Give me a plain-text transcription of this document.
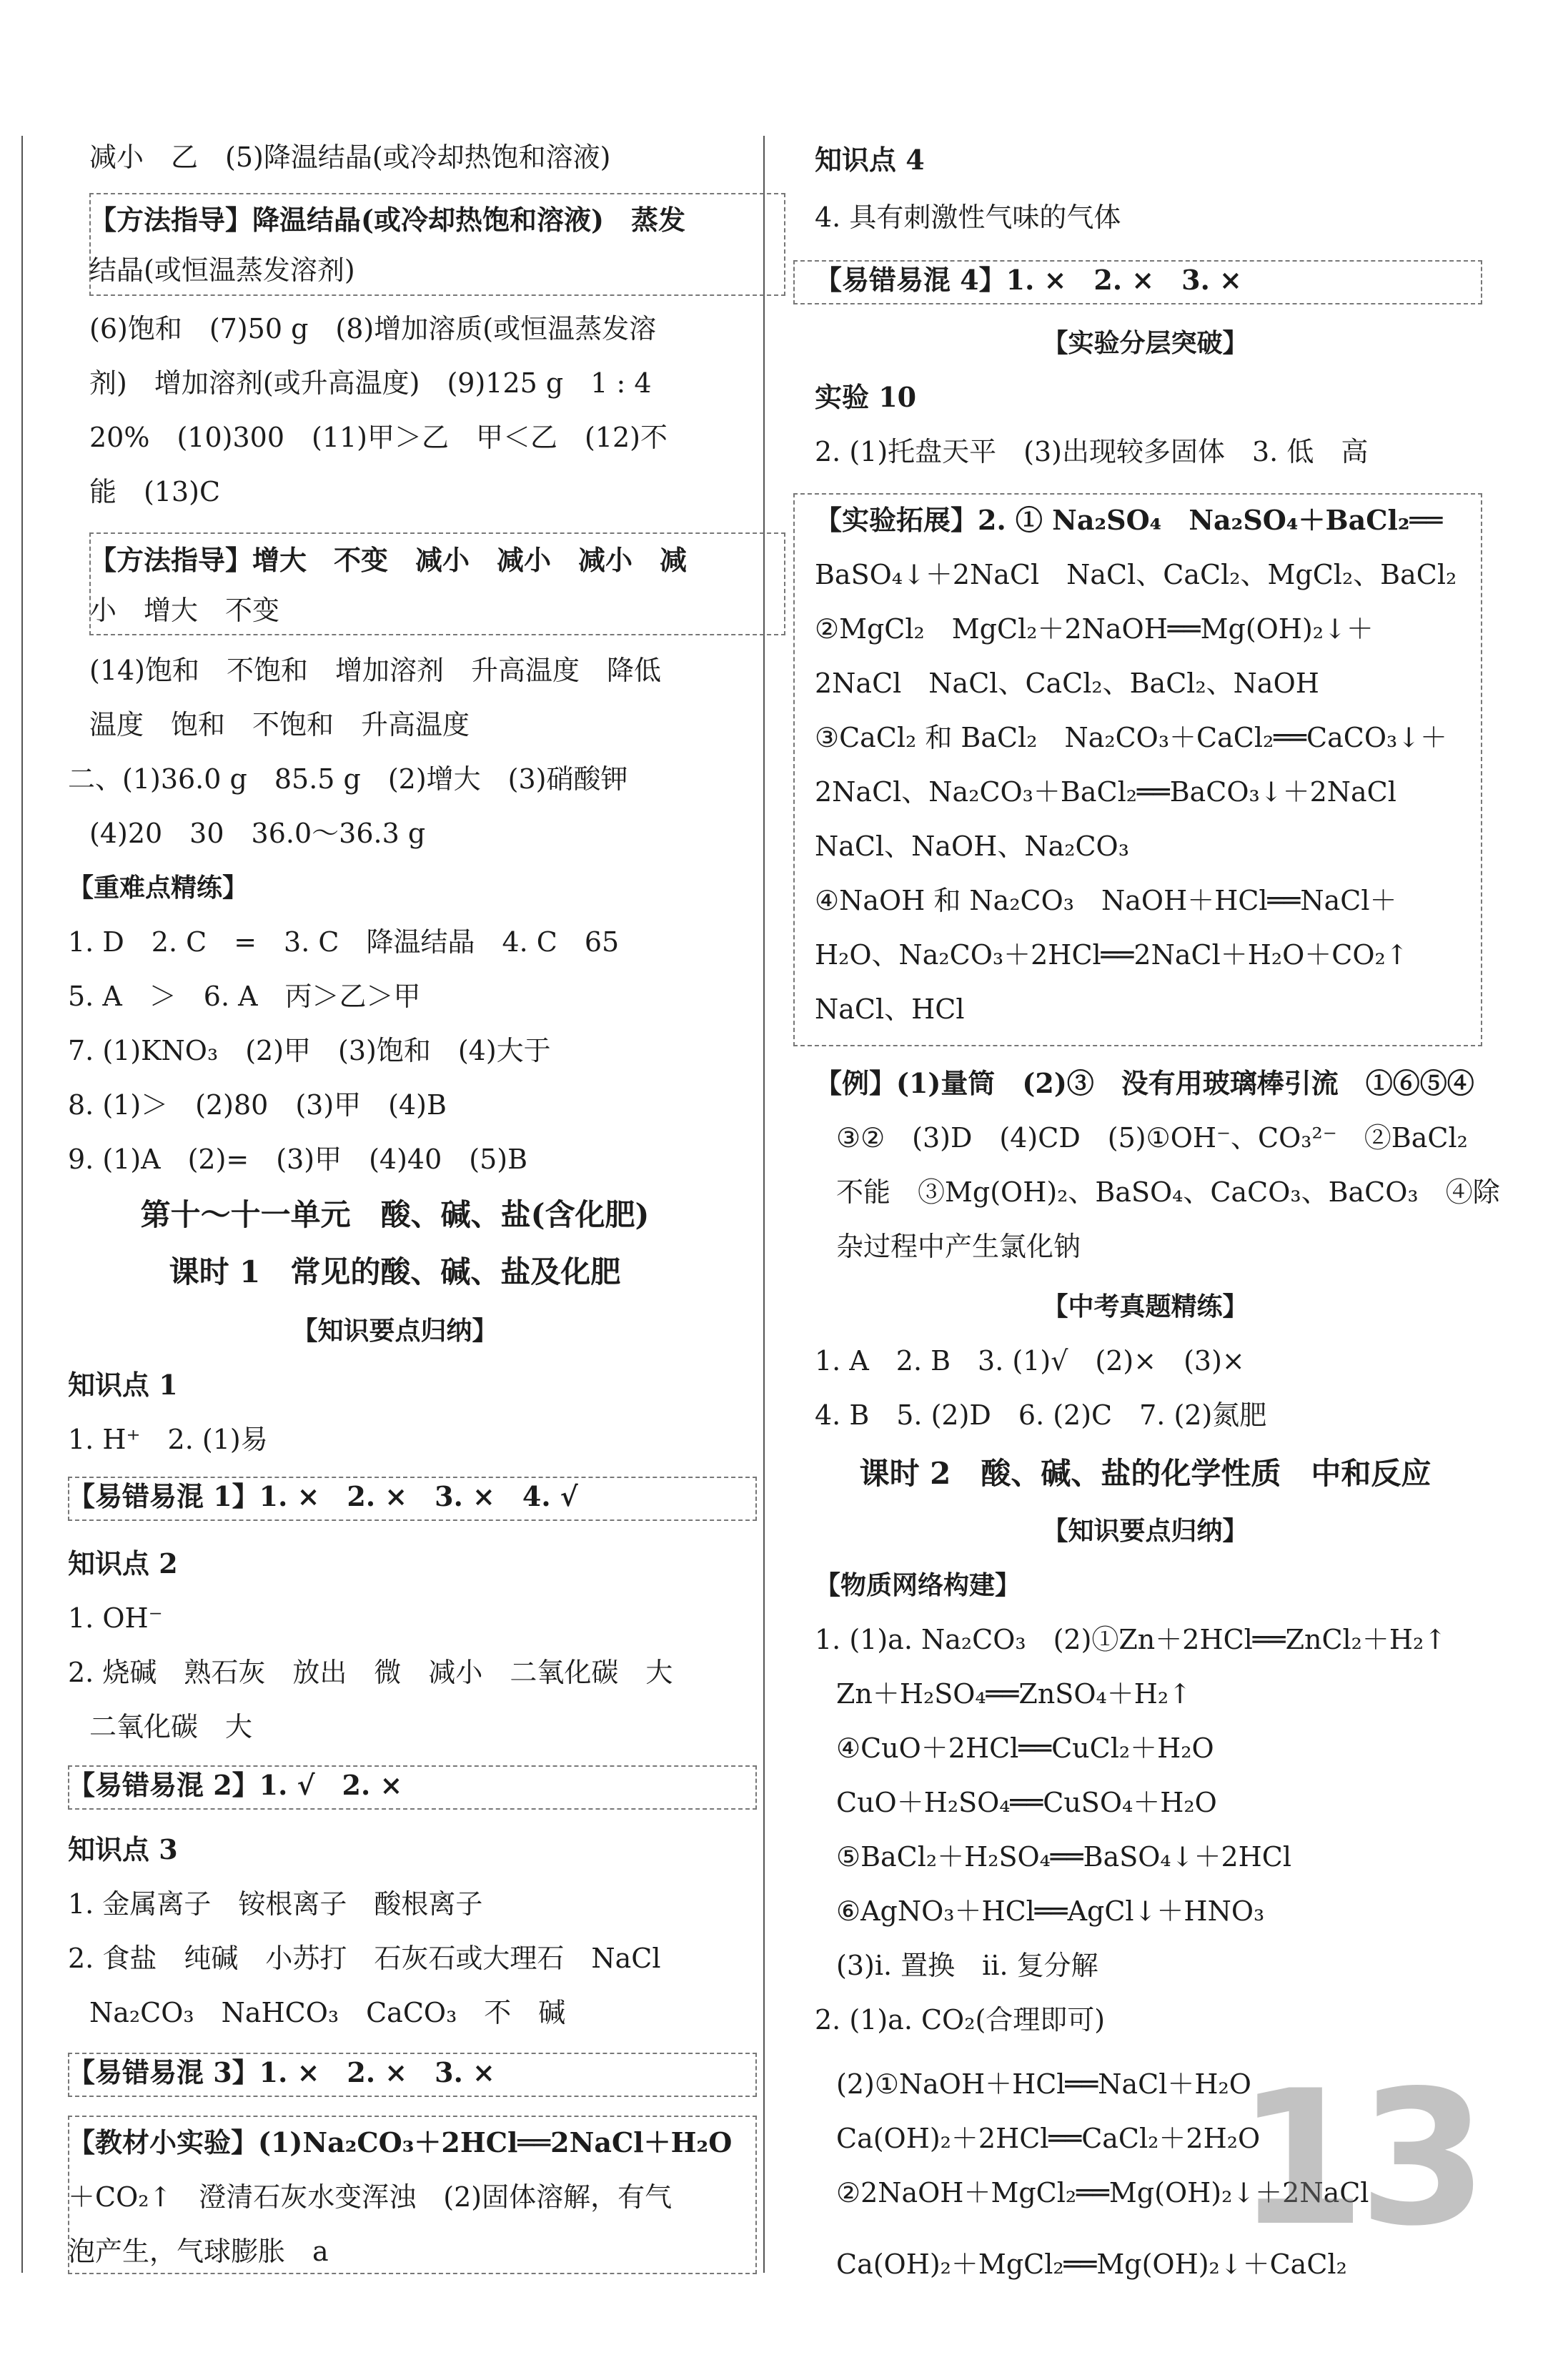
减小　乙　(5)降温结晶(或冷却热饱和溶液)
【方法指导】降温结晶(或冷却热饱和溶液)　蒸发
结晶(或恒温蒸发溶剂)
(6)饱和　(7)50 g　(8)增加溶质(或恒温蒸发溶
剂)　增加溶剂(或升高温度)　(9)125 g　1 : 4
20%　(10)300　(11)甲＞乙　甲＜乙　(12)不
能　(13)C
【方法指导】增大　不变　减小　减小　减小　减
小　增大　不变
(14)饱和　不饱和　增加溶剂　升高温度　降低
温度　饱和　不饱和　升高温度
二、(1)36.0 g　85.5 g　(2)增大　(3)硝酸钾
(4)20　30　36.0～36.3 g
【重难点精练】
1. D　2. C　=　3. C　降温结晶　4. C　65
5. A　＞　6. A　丙＞乙＞甲
7. (1)KNO₃　(2)甲　(3)饱和　(4)大于
8. (1)＞　(2)80　(3)甲　(4)B
9. (1)A　(2)=　(3)甲　(4)40　(5)B
第十～十一单元　酸、碱、盐(含化肥)
课时 1　常见的酸、碱、盐及化肥
【知识要点归纳】
知识点 1
1. H⁺　2. (1)易
【易错易混 1】1. ×　2. ×　3. ×　4. √
知识点 2
1. OH⁻
2. 烧碱　熟石灰　放出　微　减小　二氧化碳　大
二氧化碳　大
【易错易混 2】1. √　2. ×
知识点 3
1. 金属离子　铵根离子　酸根离子
2. 食盐　纯碱　小苏打　石灰石或大理石　NaCl
Na₂CO₃　NaHCO₃　CaCO₃　不　碱
【易错易混 3】1. ×　2. ×　3. ×
【教材小实验】(1)Na₂CO₃＋2HCl══2NaCl＋H₂O
＋CO₂↑　澄清石灰水变浑浊　(2)固体溶解，有气
泡产生，气球膨胀　a
知识点 4
4. 具有刺激性气味的气体
【易错易混 4】1. ×　2. ×　3. ×
【实验分层突破】
实验 10
2. (1)托盘天平　(3)出现较多固体　3. 低　高
【实验拓展】2. ① Na₂SO₄　Na₂SO₄＋BaCl₂══
BaSO₄↓＋2NaCl　NaCl、CaCl₂、MgCl₂、BaCl₂
②MgCl₂　MgCl₂＋2NaOH══Mg(OH)₂↓＋
2NaCl　NaCl、CaCl₂、BaCl₂、NaOH
③CaCl₂ 和 BaCl₂　Na₂CO₃＋CaCl₂══CaCO₃↓＋
2NaCl、Na₂CO₃＋BaCl₂══BaCO₃↓＋2NaCl
NaCl、NaOH、Na₂CO₃
④NaOH 和 Na₂CO₃　NaOH＋HCl══NaCl＋
H₂O、Na₂CO₃＋2HCl══2NaCl＋H₂O＋CO₂↑
NaCl、HCl
【例】(1)量筒　(2)③　没有用玻璃棒引流　①⑥⑤④
③②　(3)D　(4)CD　(5)①OH⁻、CO₃²⁻　②BaCl₂
不能　③Mg(OH)₂、BaSO₄、CaCO₃、BaCO₃　④除
杂过程中产生氯化钠
【中考真题精练】
1. A　2. B　3. (1)√　(2)×　(3)×
4. B　5. (2)D　6. (2)C　7. (2)氮肥
课时 2　酸、碱、盐的化学性质　中和反应
【知识要点归纳】
【物质网络构建】
1. (1)a. Na₂CO₃　(2)①Zn＋2HCl══ZnCl₂＋H₂↑
Zn＋H₂SO₄══ZnSO₄＋H₂↑
④CuO＋2HCl══CuCl₂＋H₂O
CuO＋H₂SO₄══CuSO₄＋H₂O
⑤BaCl₂＋H₂SO₄══BaSO₄↓＋2HCl
⑥AgNO₃＋HCl══AgCl↓＋HNO₃
(3)i. 置换　ii. 复分解
2. (1)a. CO₂(合理即可)
(2)①NaOH＋HCl══NaCl＋H₂O
Ca(OH)₂＋2HCl══CaCl₂＋2H₂O
②2NaOH＋MgCl₂══Mg(OH)₂↓＋2NaCl
Ca(OH)₂＋MgCl₂══Mg(OH)₂↓＋CaCl₂
13
